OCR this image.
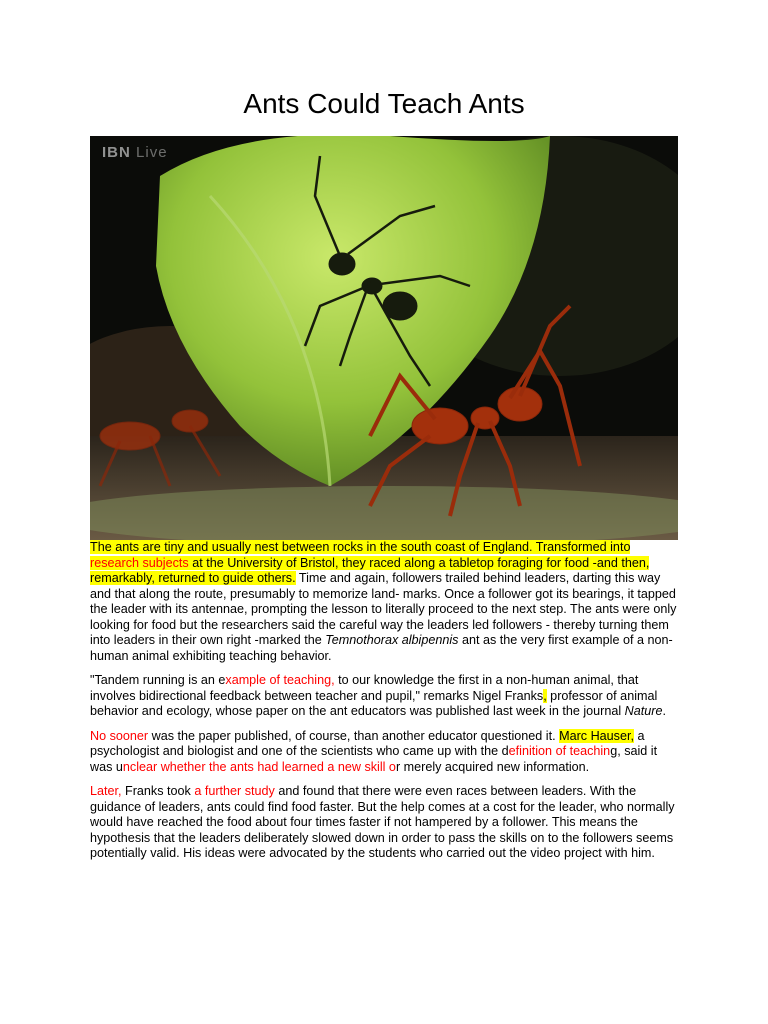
Ants Could Teach Ants
IBN Live

The ants are tiny and usually nest between rocks in the south coast of England. Transformed into research subjects at the University of Bristol, they raced along a tabletop foraging for food -and then, remarkably, returned to guide others. Time and again, followers trailed behind leaders, darting this way and that along the route, presumably to memorize land- marks. Once a follower got its bearings, it tapped the leader with its antennae, prompting the lesson to literally proceed to the next step. The ants were only looking for food but the researchers said the careful way the leaders led followers - thereby turning them into leaders in their own right -marked the Temnothorax albipennis ant as the very first example of a non-human animal exhibiting teaching behavior.

"Tandem running is an example of teaching, to our knowledge the first in a non-human animal, that involves bidirectional feedback between teacher and pupil," remarks Nigel Franks, professor of animal behavior and ecology, whose paper on the ant educators was published last week in the journal Nature.

No sooner was the paper published, of course, than another educator questioned it. Marc Hauser, a psychologist and biologist and one of the scientists who came up with the definition of teaching, said it was unclear whether the ants had learned a new skill or merely acquired new information.

Later, Franks took a further study and found that there were even races between leaders. With the guidance of leaders, ants could find food faster. But the help comes at a cost for the leader, who normally would have reached the food about four times faster if not hampered by a follower. This means the hypothesis that the leaders deliberately slowed down in order to pass the skills on to the followers seems potentially valid. His ideas were advocated by the students who carried out the video project with him.
